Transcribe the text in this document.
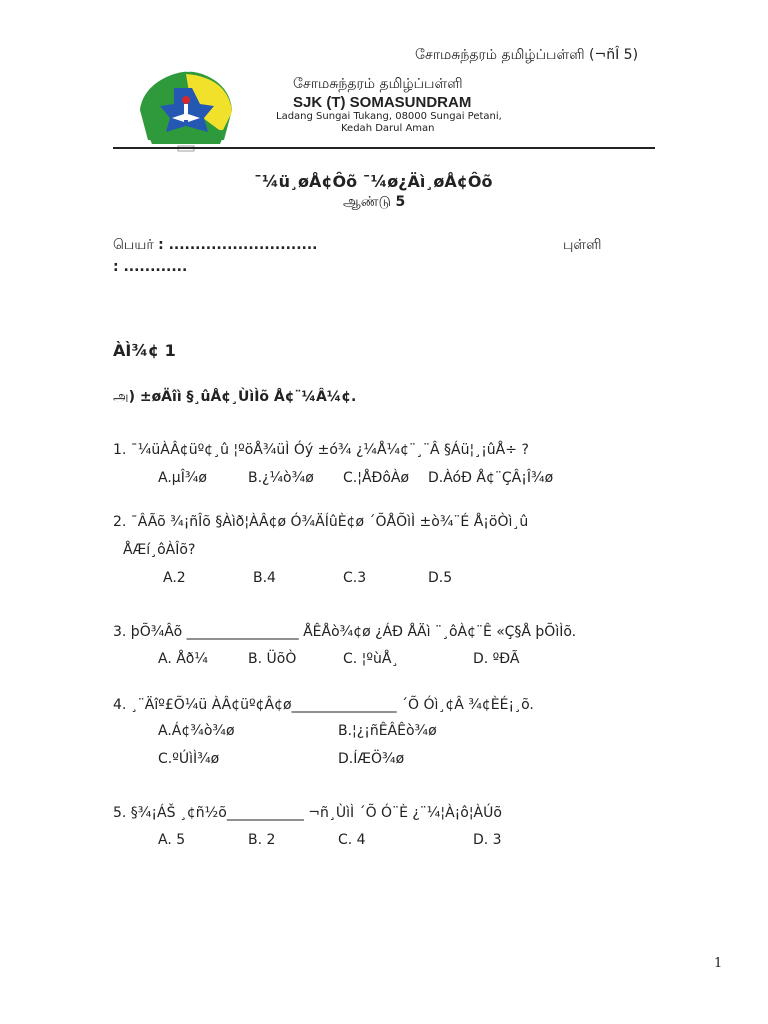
சோமசுந்தரம் தமிழ்ப்பள்ளி (¬ñÎ 5)
சோமசுந்தரம் தமிழ்ப்பள்ளி
SJK (T) SOMASUNDRAM
Ladang Sungai Tukang, 08000 Sungai Petani,
Kedah Darul Aman
¯¼ü¸øÅ¢Ôõ ¯¼ø¿Äì¸øÅ¢Ôõ
ஆண்டு 5
பெயர் : ............................	புள்ளி
: ............
ÀÌ¾¢ 1
அ) ±øÄîì §¸ûÅ¢¸ÙìÌõ Å¢¨¼Â¼¢.
1. ¯¼üÀÂ¢üº¢¸û ¦ºöÅ¾üÌ Óý ±ó¾ ¿¼Å¼¢¨¸¨Â §Áü¦¸¡ûÅ÷ ?
A.µÎ¾ø	B.¿¼ò¾ø C.¦ÅÐôÀø D.ÀóÐ Å¢¨ÇÂ¡Î¾ø
2. ¯ÂÃõ ¾¡ñÎõ §Àìð¦ÀÂ¢ø Ó¾ÄÍûÈ¢ø ´ÕÅÕìÌ ±ò¾¨É Å¡öÒì¸û
ÅÆí¸ôÀÎõ?
A.2	B.4	C.3	D.5
3. þÕ¾Âõ ________________ ÅÊÅò¾¢ø ¿ÁÐ ÅÄì ¨¸ôÀ¢¨Ê «Ç§Å þÕìÌõ.
A. Åð¼	B. ÜõÒ	C. ¦ºùÅ¸	D. ºÐÃ
4. ¸¨Äîº£Õ¼ü ÀÂ¢üº¢Â¢ø_______________ ´Õ Óì¸¢Â ¾¢ÈÉ¡¸õ.
A.Á¢¾ò¾ø	B.¦¿¡ñÊÂÊò¾ø
C.ºÚìÌ¾ø	D.ÍÆÖ¾ø
5. §¾¡ÁŠ ¸¢ñ½õ___________ ¬ñ¸ÙìÌ ´Õ Ó¨È ¿¨¼¦À¡ô¦ÀÚõ
A. 5	B. 2	C. 4	D. 3
1
